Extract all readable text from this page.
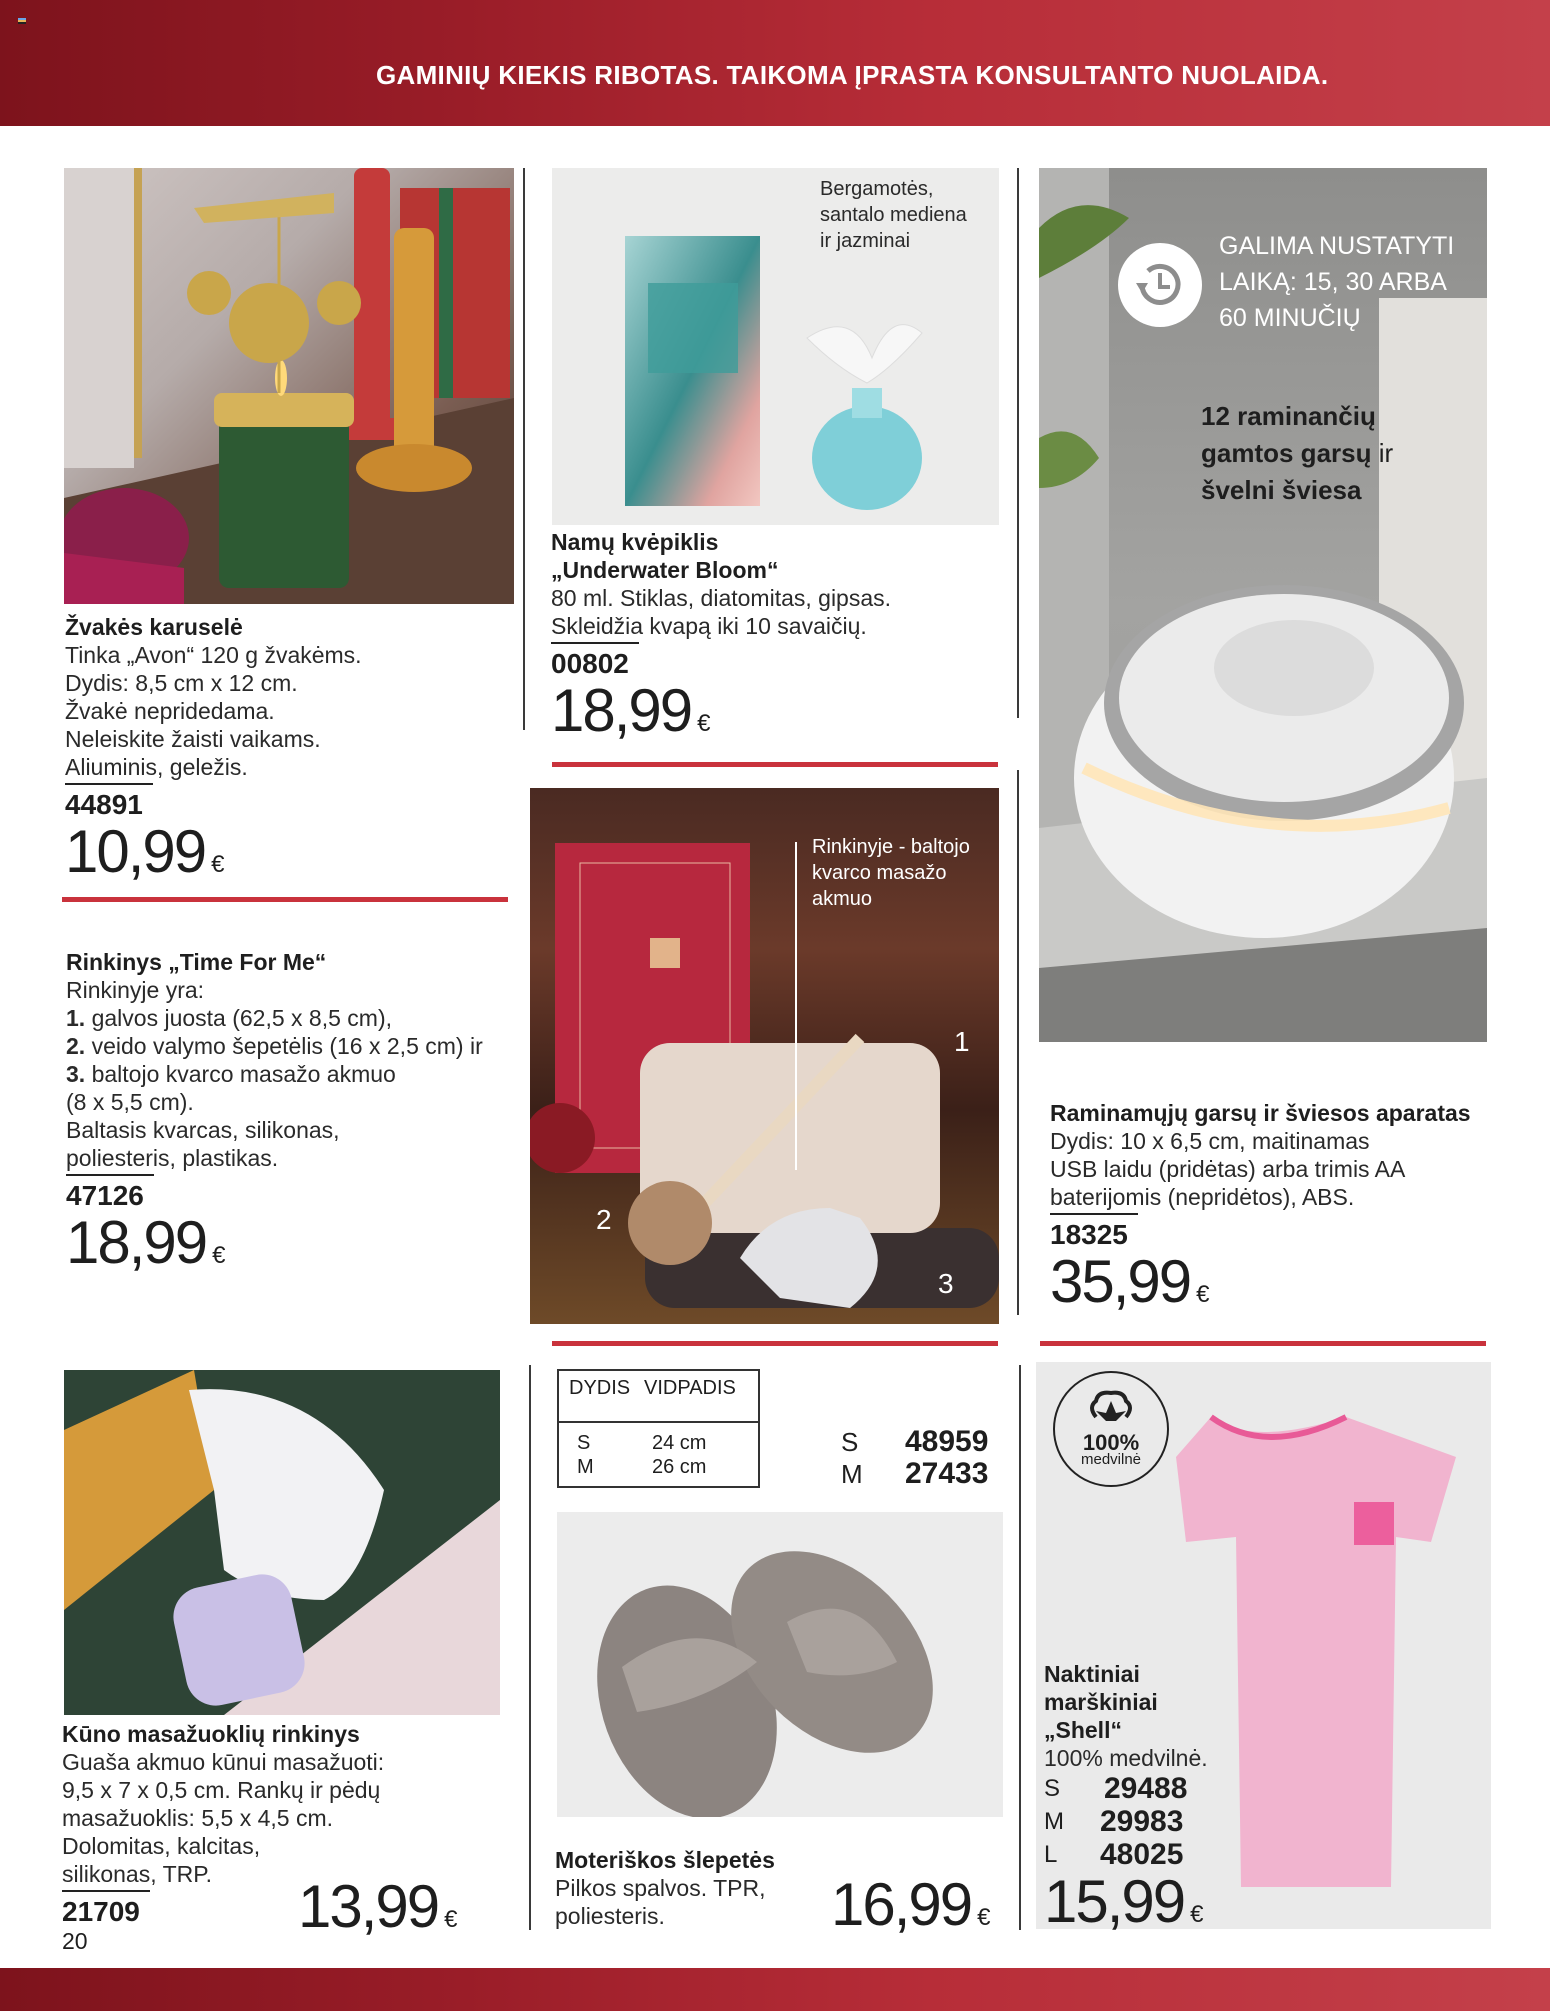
GAMINIŲ KIEKIS RIBOTAS. TAIKOMA ĮPRASTA KONSULTANTO NUOLAIDA.
Žvakės karuselė
Tinka „Avon“ 120 g žvakėms.
Dydis: 8,5 cm x 12 cm.
Žvakė nepridedama.
Neleiskite žaisti vaikams.
Aliuminis, geležis.
44891
10,99 €
Bergamotės,
santalo mediena
ir jazminai
Namų kvėpiklis
„Underwater Bloom“
80 ml. Stiklas, diatomitas, gipsas.
Skleidžia kvapą iki 10 savaičių.
00802
18,99 €
GALIMA NUSTATYTI
LAIKĄ: 15, 30 ARBA
60 MINUČIŲ
12 raminančių
gamtos garsų ir
švelni šviesa
Raminamųjų garsų ir šviesos aparatas
Dydis: 10 x 6,5 cm, maitinamas
USB laidu (pridėtas) arba trimis AA
baterijomis (nepridėtos), ABS.
18325
35,99 €
Rinkinyje - baltojo
kvarco masažo
akmuo
1
2
3
Rinkinys „Time For Me“
Rinkinyje yra:
1. galvos juosta (62,5 x 8,5 cm),
2. veido valymo šepetėlis (16 x 2,5 cm) ir
3. baltojo kvarco masažo akmuo
(8 x 5,5 cm).
Baltasis kvarcas, silikonas,
poliesteris, plastikas.
47126
18,99 €
Kūno masažuoklių rinkinys
Guaša akmuo kūnui masažuoti:
9,5 x 7 x 0,5 cm. Rankų ir pėdų
masažuoklis: 5,5 x 4,5 cm.
Dolomitas, kalcitas,
silikonas, TRP.
21709
20
13,99 €
DYDIS VIDPADIS
S	24 cm
M	26 cm
S	48959
M	27433
Moteriškos šlepetės
Pilkos spalvos. TPR,
poliesteris.	16,99 €
100%
medvilnė
Naktiniai
marškiniai
„Shell“
100% medvilnė.
S	29488
M	29983
L	48025
15,99 €
